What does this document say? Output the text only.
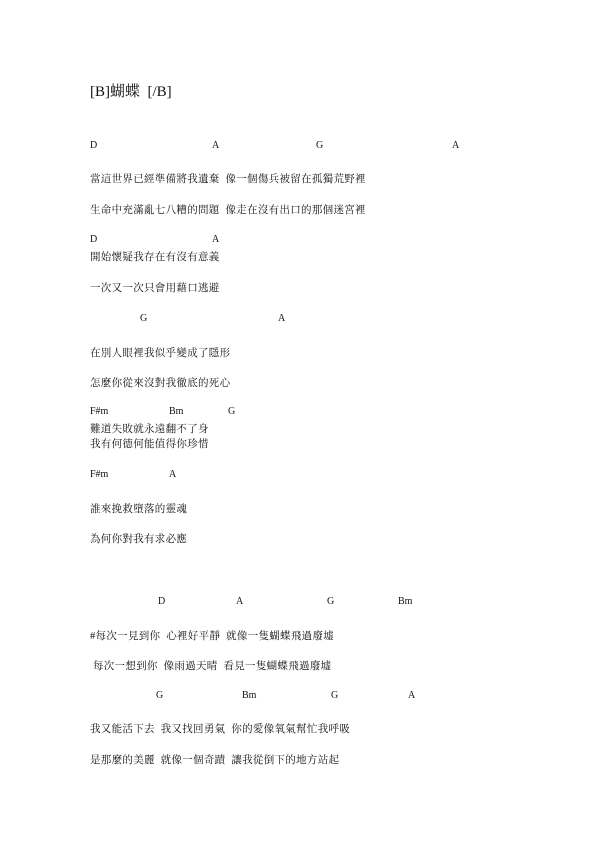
[B]蝴蝶  [/B]
D	A	G	A
當這世界已經準備將我遺棄  像一個傷兵被留在孤獨荒野裡
生命中充滿亂七八糟的問題  像走在沒有出口的那個迷宮裡
D	A
開始懷疑我存在有沒有意義
一次又一次只會用藉口逃避
G	A
在別人眼裡我似乎變成了隱形
怎麼你從來沒對我徹底的死心
F#m	Bm	G
難道失敗就永遠翻不了身
我有何德何能值得你珍惜
F#m	A
誰來挽救墮落的靈魂
為何你對我有求必應
D	A	G	Bm
#每次一見到你  心裡好平靜  就像一隻蝴蝶飛過廢墟
每次一想到你  像雨過天晴  看見一隻蝴蝶飛過廢墟
G	Bm	G	A
我又能活下去  我又找回勇氣  你的愛像氧氣幫忙我呼吸
是那麼的美麗  就像一個奇蹟  讓我從倒下的地方站起
